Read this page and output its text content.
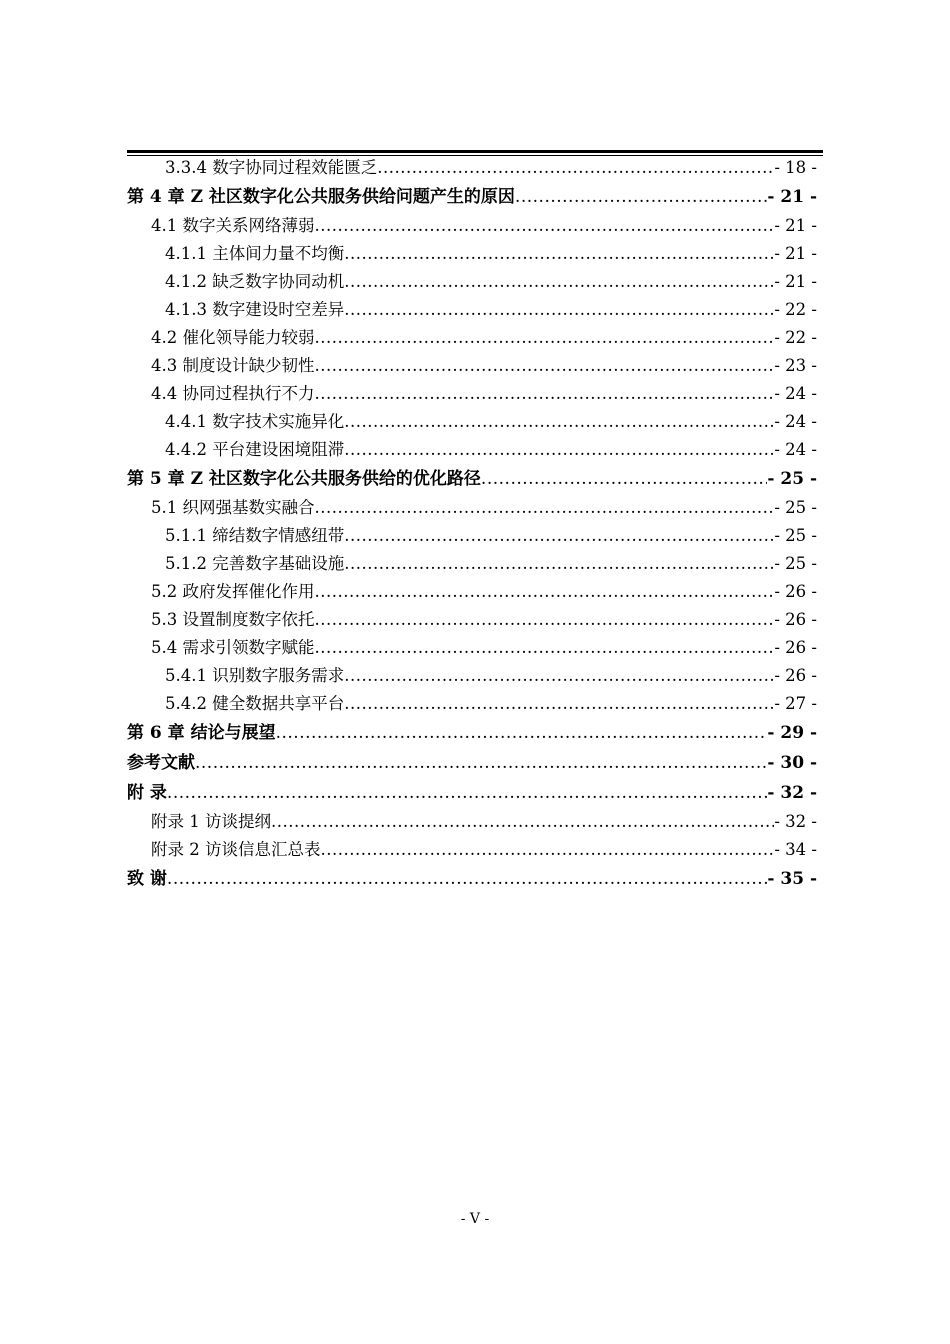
3.3.4 数字协同过程效能匮乏 .....	- 18 -
第 4 章 Z 社区数字化公共服务供给问题产生的原因 .....	- 21 -
4.1 数字关系网络薄弱 .....	- 21 -
4.1.1 主体间力量不均衡 .....	- 21 -
4.1.2 缺乏数字协同动机 .....	- 21 -
4.1.3 数字建设时空差异 .....	- 22 -
4.2 催化领导能力较弱 .....	- 22 -
4.3 制度设计缺少韧性 .....	- 23 -
4.4 协同过程执行不力 .....	- 24 -
4.4.1 数字技术实施异化 .....	- 24 -
4.4.2 平台建设困境阻滞 .....	- 24 -
第 5 章 Z 社区数字化公共服务供给的优化路径 .....	- 25 -
5.1 织网强基数实融合 .....	- 25 -
5.1.1 缔结数字情感纽带 .....	- 25 -
5.1.2 完善数字基础设施 .....	- 25 -
5.2 政府发挥催化作用 .....	- 26 -
5.3 设置制度数字依托 .....	- 26 -
5.4 需求引领数字赋能 .....	- 26 -
5.4.1 识别数字服务需求 .....	- 26 -
5.4.2 健全数据共享平台 .....	- 27 -
第 6 章 结论与展望 .....	- 29 -
参考文献 .....	- 30 -
附 录 .....	- 32 -
附录 1 访谈提纲 .....	- 32 -
附录 2 访谈信息汇总表 .....	- 34 -
致 谢 .....	- 35 -
- V -
